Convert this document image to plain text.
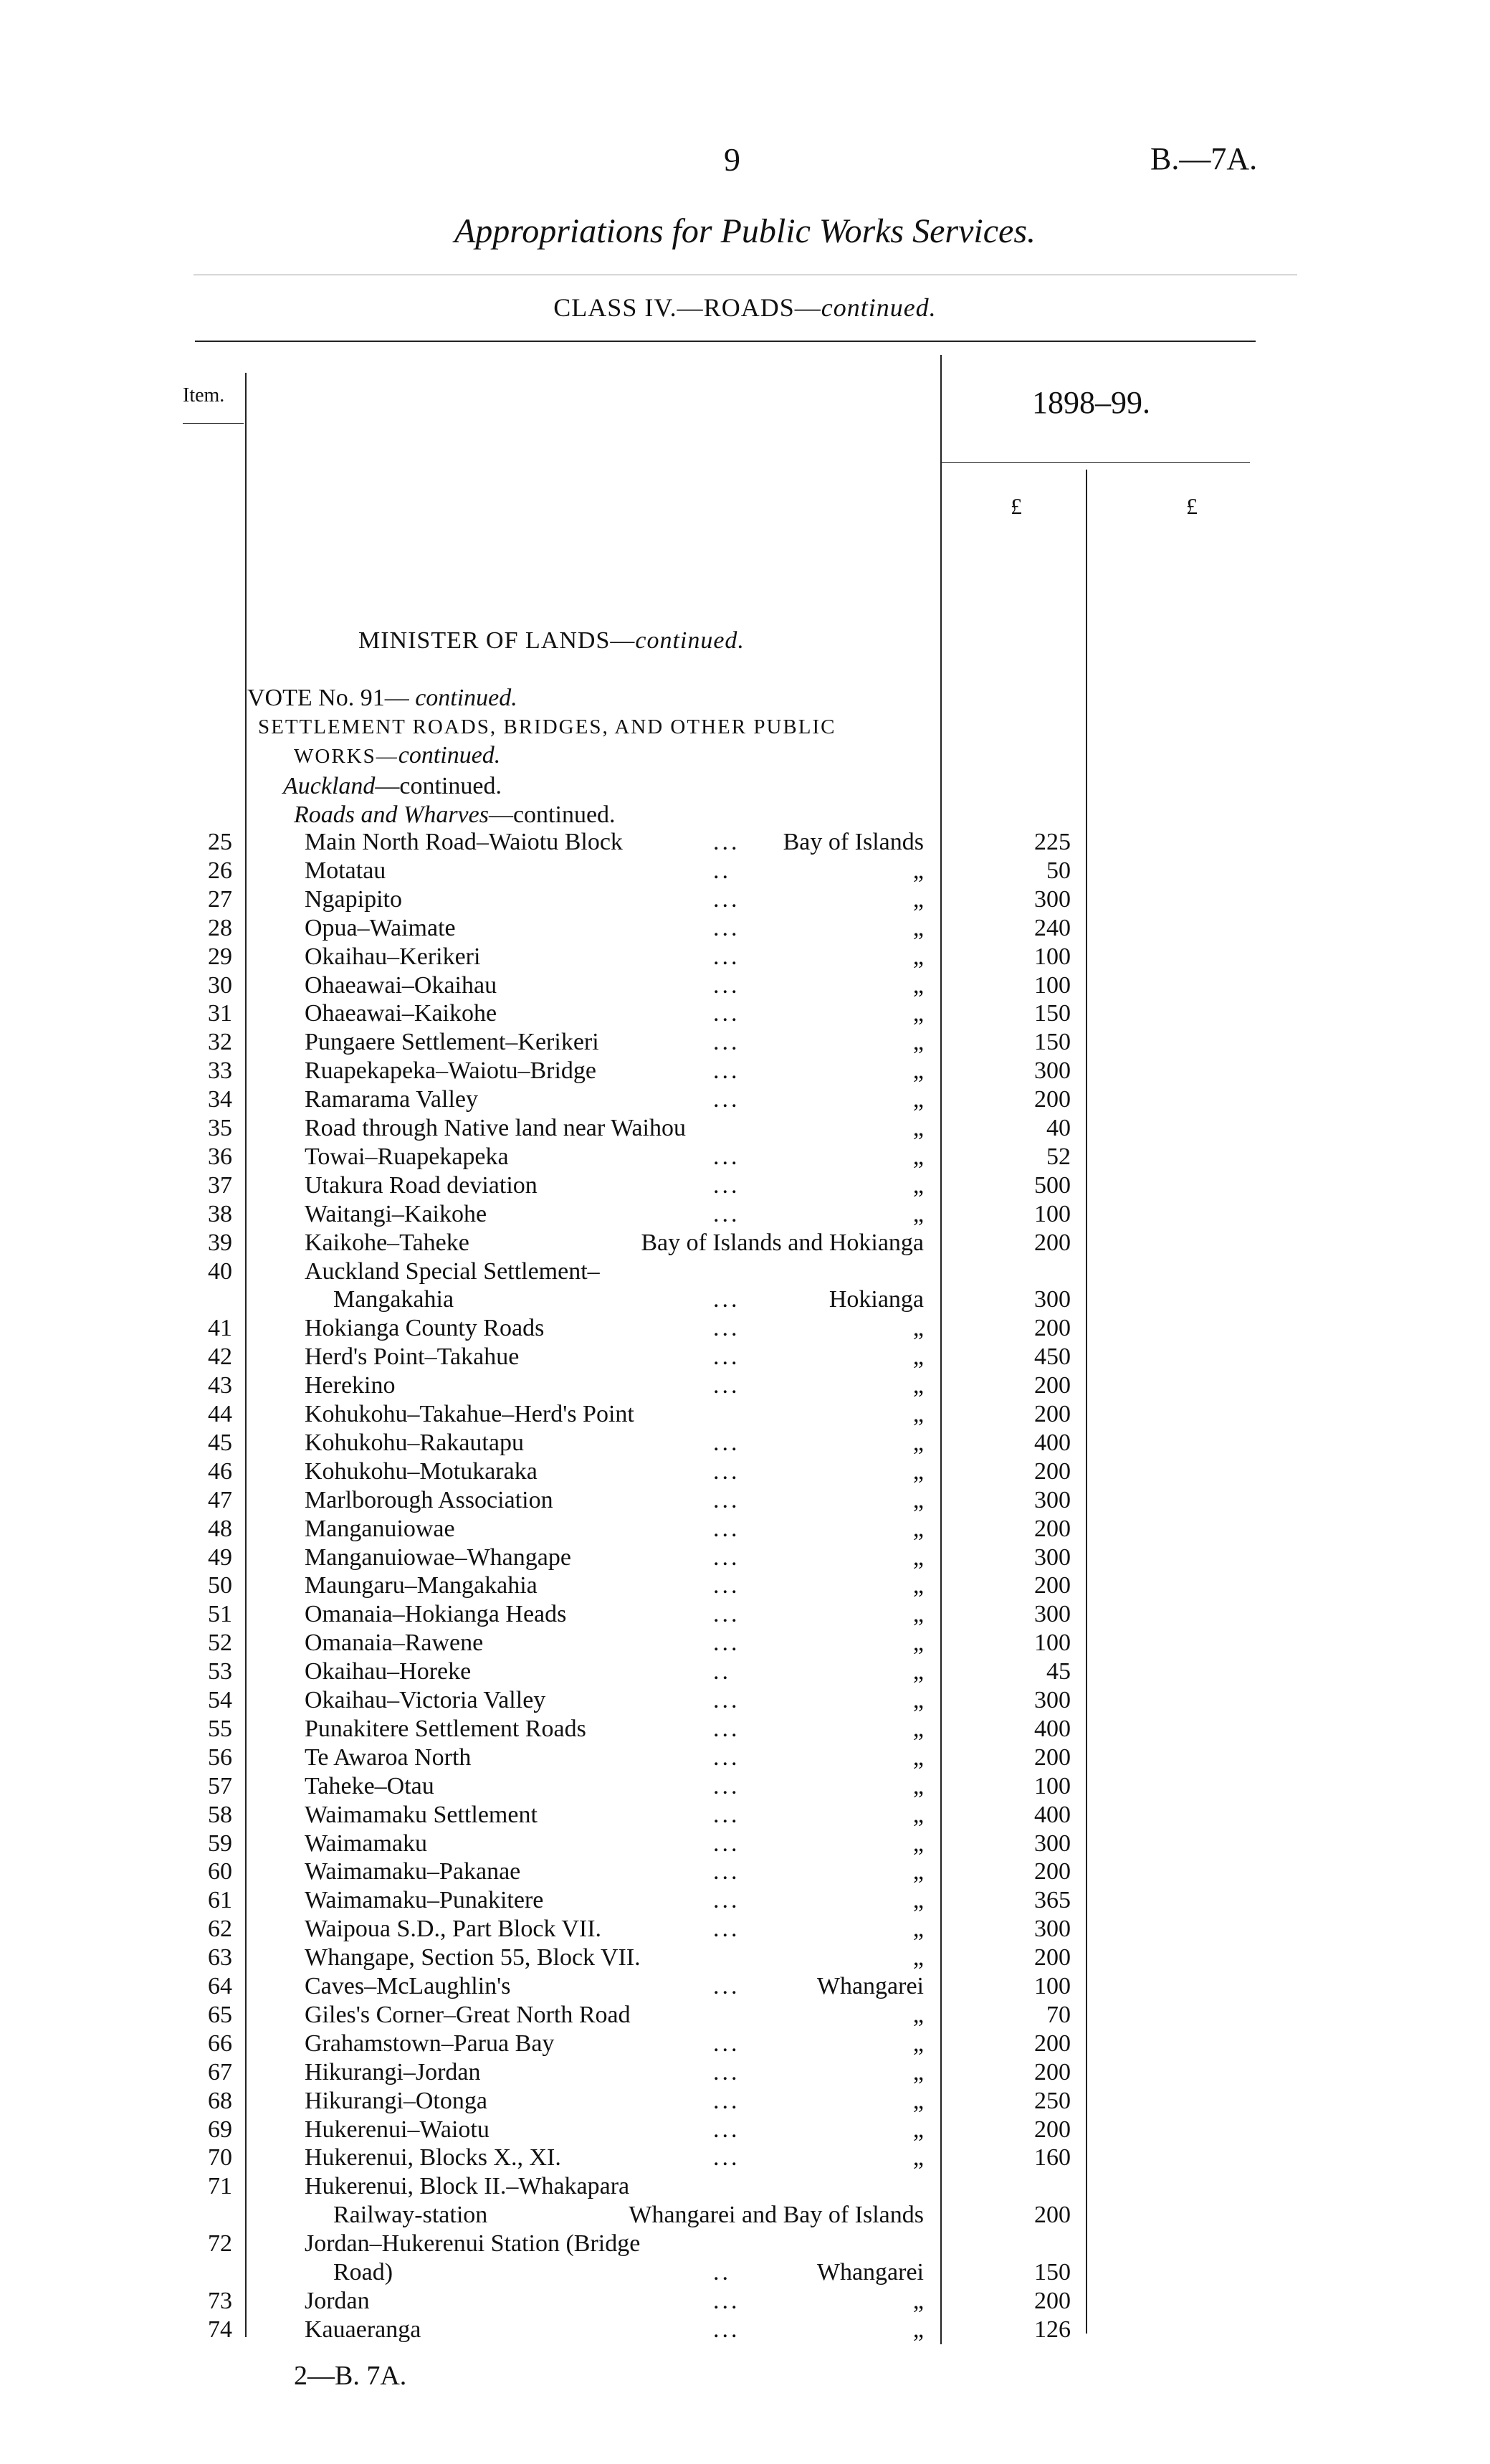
9	B.—7A.
Appropriations for Public Works Services.
CLASS IV.—ROADS—continued.
Item.	1898–99.
£	£
MINISTER OF LANDS—continued.
VOTE No. 91— continued.
SETTLEMENT ROADS, BRIDGES, AND OTHER PUBLIC
WORKS—continued.
Auckland—continued.
Roads and Wharves—continued.
25	Main North Road–Waiotu Block	... Bay of Islands	225
26	Motatau	..	„	50
27	Ngapipito	...	„	300
28	Opua–Waimate	...	„	240
29	Okaihau–Kerikeri	...	„	100
30	Ohaeawai–Okaihau	...	„	100
31	Ohaeawai–Kaikohe	...	„	150
32	Pungaere Settlement–Kerikeri	...	„	150
33	Ruapekapeka–Waiotu–Bridge	...	„	300
34	Ramarama Valley	...	„	200
35	Road through Native land near Waihou	„	40
36	Towai–Ruapekapeka	...	„	52
37	Utakura Road deviation	...	„	500
38	Waitangi–Kaikohe	...	„	100
39	Kaikohe–Taheke	Bay of Islands and Hokianga	200
40	Auckland Special Settlement–
Mangakahia	...	Hokianga	300
41	Hokianga County Roads	...	„	200
42	Herd's Point–Takahue	...	„	450
43	Herekino	...	„	200
44	Kohukohu–Takahue–Herd's Point	„	200
45	Kohukohu–Rakautapu	...	„	400
46	Kohukohu–Motukaraka	...	„	200
47	Marlborough Association	...	„	300
48	Manganuiowae	...	„	200
49	Manganuiowae–Whangape	...	„	300
50	Maungaru–Mangakahia	...	„	200
51	Omanaia–Hokianga Heads	...	„	300
52	Omanaia–Rawene	...	„	100
53	Okaihau–Horeke	..	„	45
54	Okaihau–Victoria Valley	...	„	300
55	Punakitere Settlement Roads	...	„	400
56	Te Awaroa North	...	„	200
57	Taheke–Otau	...	„	100
58	Waimamaku Settlement	...	„	400
59	Waimamaku	...	„	300
60	Waimamaku–Pakanae	...	„	200
61	Waimamaku–Punakitere	...	„	365
62	Waipoua S.D., Part Block VII.	...	„	300
63	Whangape, Section 55, Block VII.	„	200
64	Caves–McLaughlin's	...	Whangarei	100
65	Giles's Corner–Great North Road	„	70
66	Grahamstown–Parua Bay	...	„	200
67	Hikurangi–Jordan	...	„	200
68	Hikurangi–Otonga	...	„	250
69	Hukerenui–Waiotu	...	„	200
70	Hukerenui, Blocks X., XI.	...	„	160
71	Hukerenui, Block II.–Whakapara
Railway-station	Whangarei and Bay of Islands	200
72	Jordan–Hukerenui Station (Bridge
Road)	..	Whangarei	150
73	Jordan	...	„	200
74	Kauaeranga	...	„	126
2—B. 7A.
